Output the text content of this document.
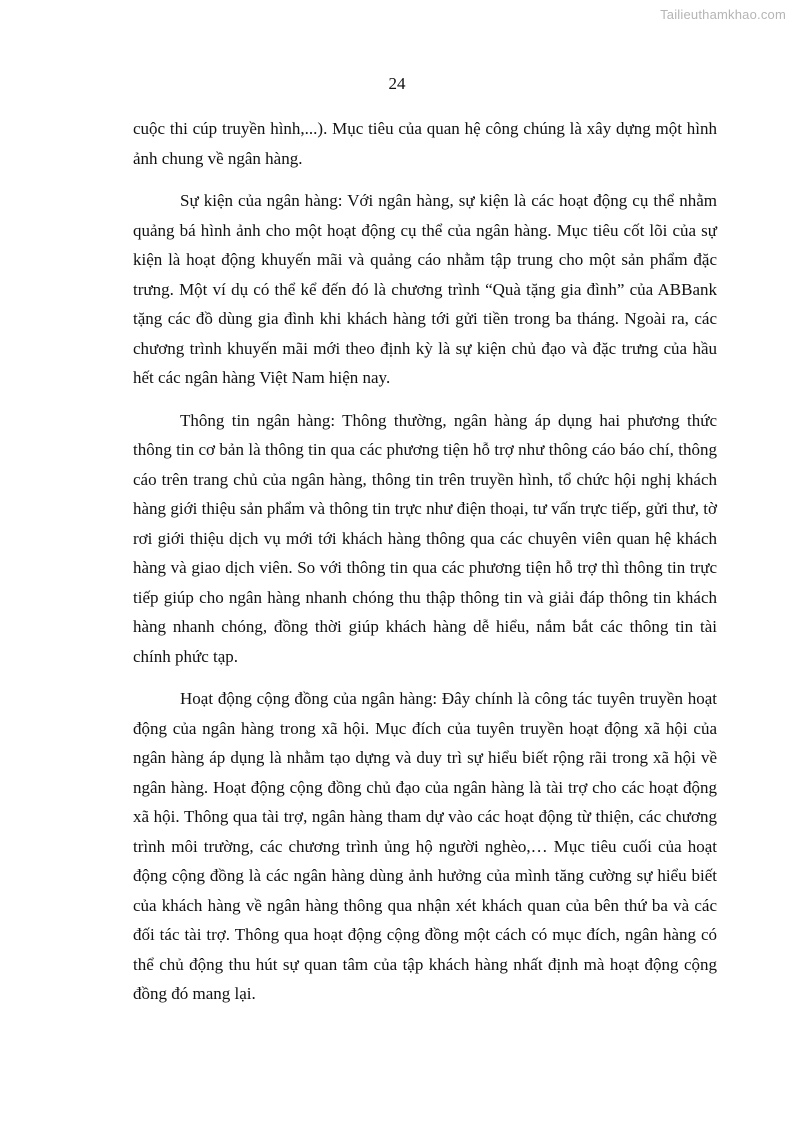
Tailieuthamkhao.com
24

cuộc thi cúp truyền hình,...). Mục tiêu của quan hệ công chúng là xây dựng một hình ảnh chung về ngân hàng.

Sự kiện của ngân hàng: Với ngân hàng, sự kiện là các hoạt động cụ thể nhằm quảng bá hình ảnh cho một hoạt động cụ thể của ngân hàng. Mục tiêu cốt lõi của sự kiện là hoạt động khuyến mãi và quảng cáo nhằm tập trung cho một sản phẩm đặc trưng. Một ví dụ có thể kể đến đó là chương trình “Quà tặng gia đình” của ABBank tặng các đồ dùng gia đình khi khách hàng tới gửi tiền trong ba tháng. Ngoài ra, các chương trình khuyến mãi mới theo định kỳ là sự kiện chủ đạo và đặc trưng của hầu hết các ngân hàng Việt Nam hiện nay.

Thông tin ngân hàng: Thông thường, ngân hàng áp dụng hai phương thức thông tin cơ bản là thông tin qua các phương tiện hỗ trợ như thông cáo báo chí, thông cáo trên trang chủ của ngân hàng, thông tin trên truyền hình, tổ chức hội nghị khách hàng giới thiệu sản phẩm và thông tin trực như điện thoại, tư vấn trực tiếp, gửi thư, tờ rơi giới thiệu dịch vụ mới tới khách hàng thông qua các chuyên viên quan hệ khách hàng và giao dịch viên. So với thông tin qua các phương tiện hỗ trợ thì thông tin trực tiếp giúp cho ngân hàng nhanh chóng thu thập thông tin và giải đáp thông tin khách hàng nhanh chóng, đồng thời giúp khách hàng dễ hiểu, nắm bắt các thông tin tài chính phức tạp.

Hoạt động cộng đồng của ngân hàng: Đây chính là công tác tuyên truyền hoạt động của ngân hàng trong xã hội. Mục đích của tuyên truyền hoạt động xã hội của ngân hàng áp dụng là nhằm tạo dựng và duy trì sự hiểu biết rộng rãi trong xã hội về ngân hàng. Hoạt động cộng đồng chủ đạo của ngân hàng là tài trợ cho các hoạt động xã hội. Thông qua tài trợ, ngân hàng tham dự vào các hoạt động từ thiện, các chương trình môi trường, các chương trình ủng hộ người nghèo,… Mục tiêu cuối của hoạt động cộng đồng là các ngân hàng dùng ảnh hưởng của mình tăng cường sự hiểu biết của khách hàng về ngân hàng thông qua nhận xét khách quan của bên thứ ba và các đối tác tài trợ. Thông qua hoạt động cộng đồng một cách có mục đích, ngân hàng có thể chủ động thu hút sự quan tâm của tập khách hàng nhất định mà hoạt động cộng đồng đó mang lại.
